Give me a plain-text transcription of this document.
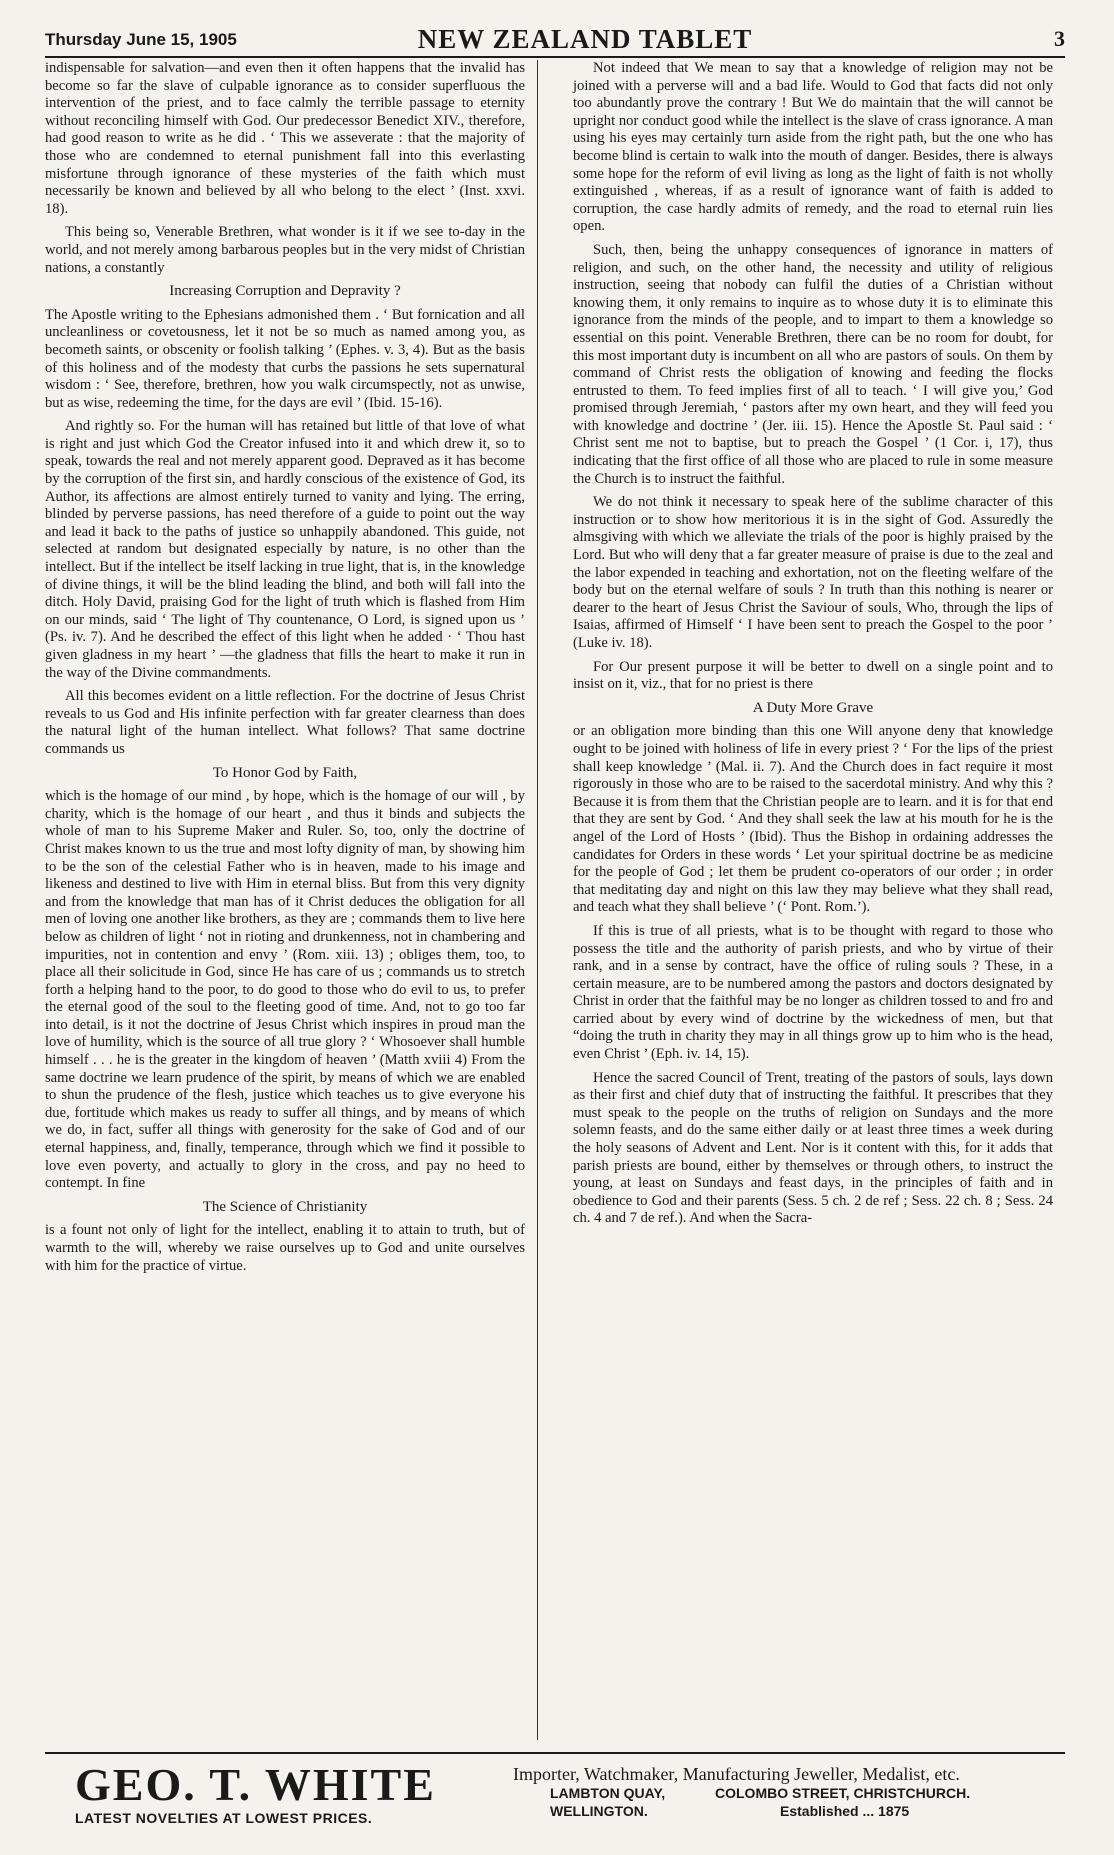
Thursday June 15, 1905	NEW ZEALAND TABLET	3

indispensable for salvation—and even then it often happens that the invalid has become so far the slave of culpable ignorance as to consider superfluous the intervention of the priest, and to face calmly the terrible passage to eternity without reconciling himself with God. Our predecessor Benedict XIV., therefore, had good reason to write as he did . ‘ This we asseverate : that the majority of those who are condemned to eternal punishment fall into this everlasting misfortune through ignorance of these mysteries of the faith which must necessarily be known and believed by all who belong to the elect ’ (Inst. xxvi. 18).

This being so, Venerable Brethren, what wonder is it if we see to-day in the world, and not merely among barbarous peoples but in the very midst of Christian nations, a constantly

Increasing Corruption and Depravity ?

The Apostle writing to the Ephesians admonished them . ‘ But fornication and all uncleanliness or covetousness, let it not be so much as named among you, as becometh saints, or obscenity or foolish talking ’ (Ephes. v. 3, 4). But as the basis of this holiness and of the modesty that curbs the passions he sets supernatural wisdom : ‘ See, therefore, brethren, how you walk circumspectly, not as unwise, but as wise, redeeming the time, for the days are evil ’ (Ibid. 15-16).

And rightly so. For the human will has retained but little of that love of what is right and just which God the Creator infused into it and which drew it, so to speak, towards the real and not merely apparent good. Depraved as it has become by the corruption of the first sin, and hardly conscious of the existence of God, its Author, its affections are almost entirely turned to vanity and lying. The erring, blinded by perverse passions, has need therefore of a guide to point out the way and lead it back to the paths of justice so unhappily abandoned. This guide, not selected at random but designated especially by nature, is no other than the intellect. But if the intellect be itself lacking in true light, that is, in the knowledge of divine things, it will be the blind leading the blind, and both will fall into the ditch. Holy David, praising God for the light of truth which is flashed from Him on our minds, said ‘ The light of Thy countenance, O Lord, is signed upon us ’ (Ps. iv. 7). And he described the effect of this light when he added · ‘ Thou hast given gladness in my heart ’ —the gladness that fills the heart to make it run in the way of the Divine commandments.

All this becomes evident on a little reflection. For the doctrine of Jesus Christ reveals to us God and His infinite perfection with far greater clearness than does the natural light of the human intellect. What follows? That same doctrine commands us

To Honor God by Faith,

which is the homage of our mind , by hope, which is the homage of our will , by charity, which is the homage of our heart , and thus it binds and subjects the whole of man to his Supreme Maker and Ruler. So, too, only the doctrine of Christ makes known to us the true and most lofty dignity of man, by showing him to be the son of the celestial Father who is in heaven, made to his image and likeness and destined to live with Him in eternal bliss. But from this very dignity and from the knowledge that man has of it Christ deduces the obligation for all men of loving one another like brothers, as they are ; commands them to live here below as children of light ‘ not in rioting and drunkenness, not in chambering and impurities, not in contention and envy ’ (Rom. xiii. 13) ; obliges them, too, to place all their solicitude in God, since He has care of us ; commands us to stretch forth a helping hand to the poor, to do good to those who do evil to us, to prefer the eternal good of the soul to the fleeting good of time. And, not to go too far into detail, is it not the doctrine of Jesus Christ which inspires in proud man the love of humility, which is the source of all true glory ? ‘ Whosoever shall humble himself . . . he is the greater in the kingdom of heaven ’ (Matth xviii 4) From the same doctrine we learn prudence of the spirit, by means of which we are enabled to shun the prudence of the flesh, justice which teaches us to give everyone his due, fortitude which makes us ready to suffer all things, and by means of which we do, in fact, suffer all things with generosity for the sake of God and of our eternal happiness, and, finally, temperance, through which we find it possible to love even poverty, and actually to glory in the cross, and pay no heed to contempt. In fine

The Science of Christianity

is a fount not only of light for the intellect, enabling it to attain to truth, but of warmth to the will, whereby we raise ourselves up to God and unite ourselves with him for the practice of virtue.

Not indeed that We mean to say that a knowledge of religion may not be joined with a perverse will and a bad life. Would to God that facts did not only too abundantly prove the contrary ! But We do maintain that the will cannot be upright nor conduct good while the intellect is the slave of crass ignorance. A man using his eyes may certainly turn aside from the right path, but the one who has become blind is certain to walk into the mouth of danger. Besides, there is always some hope for the reform of evil living as long as the light of faith is not wholly extinguished , whereas, if as a result of ignorance want of faith is added to corruption, the case hardly admits of remedy, and the road to eternal ruin lies open.

Such, then, being the unhappy consequences of ignorance in matters of religion, and such, on the other hand, the necessity and utility of religious instruction, seeing that nobody can fulfil the duties of a Christian without knowing them, it only remains to inquire as to whose duty it is to eliminate this ignorance from the minds of the people, and to impart to them a knowledge so essential on this point. Venerable Brethren, there can be no room for doubt, for this most important duty is incumbent on all who are pastors of souls. On them by command of Christ rests the obligation of knowing and feeding the flocks entrusted to them. To feed implies first of all to teach. ‘ I will give you,’ God promised through Jeremiah, ‘ pastors after my own heart, and they will feed you with knowledge and doctrine ’ (Jer. iii. 15). Hence the Apostle St. Paul said : ‘ Christ sent me not to baptise, but to preach the Gospel ’ (1 Cor. i, 17), thus indicating that the first office of all those who are placed to rule in some measure the Church is to instruct the faithful.

We do not think it necessary to speak here of the sublime character of this instruction or to show how meritorious it is in the sight of God. Assuredly the almsgiving with which we alleviate the trials of the poor is highly praised by the Lord. But who will deny that a far greater measure of praise is due to the zeal and the labor expended in teaching and exhortation, not on the fleeting welfare of the body but on the eternal welfare of souls ? In truth than this nothing is nearer or dearer to the heart of Jesus Christ the Saviour of souls, Who, through the lips of Isaias, affirmed of Himself ‘ I have been sent to preach the Gospel to the poor ’ (Luke iv. 18).

For Our present purpose it will be better to dwell on a single point and to insist on it, viz., that for no priest is there

A Duty More Grave

or an obligation more binding than this one Will anyone deny that knowledge ought to be joined with holiness of life in every priest ? ‘ For the lips of the priest shall keep knowledge ’ (Mal. ii. 7). And the Church does in fact require it most rigorously in those who are to be raised to the sacerdotal ministry. And why this ? Because it is from them that the Christian people are to learn. and it is for that end that they are sent by God. ‘ And they shall seek the law at his mouth for he is the angel of the Lord of Hosts ’ (Ibid). Thus the Bishop in ordaining addresses the candidates for Orders in these words ‘ Let your spiritual doctrine be as medicine for the people of God ; let them be prudent co-operators of our order ; in order that meditating day and night on this law they may believe what they shall read, and teach what they shall believe ’ (‘ Pont. Rom.’).

If this is true of all priests, what is to be thought with regard to those who possess the title and the authority of parish priests, and who by virtue of their rank, and in a sense by contract, have the office of ruling souls ? These, in a certain measure, are to be numbered among the pastors and doctors designated by Christ in order that the faithful may be no longer as children tossed to and fro and carried about by every wind of doctrine by the wickedness of men, but that “doing the truth in charity they may in all things grow up to him who is the head, even Christ ’ (Eph. iv. 14, 15).

Hence the sacred Council of Trent, treating of the pastors of souls, lays down as their first and chief duty that of instructing the faithful. It prescribes that they must speak to the people on the truths of religion on Sundays and the more solemn feasts, and do the same either daily or at least three times a week during the holy seasons of Advent and Lent. Nor is it content with this, for it adds that parish priests are bound, either by themselves or through others, to instruct the young, at least on Sundays and feast days, in the principles of faith and in obedience to God and their parents (Sess. 5 ch. 2 de ref ; Sess. 22 ch. 8 ; Sess. 24 ch. 4 and 7 de ref.). And when the Sacra-

GEO. T. WHITE
LATEST NOVELTIES AT LOWEST PRICES.
Importer, Watchmaker, Manufacturing Jeweller, Medalist, etc.
LAMBTON QUAY,	COLOMBO STREET, CHRISTCHURCH.
WELLINGTON.	Established ... 1875
